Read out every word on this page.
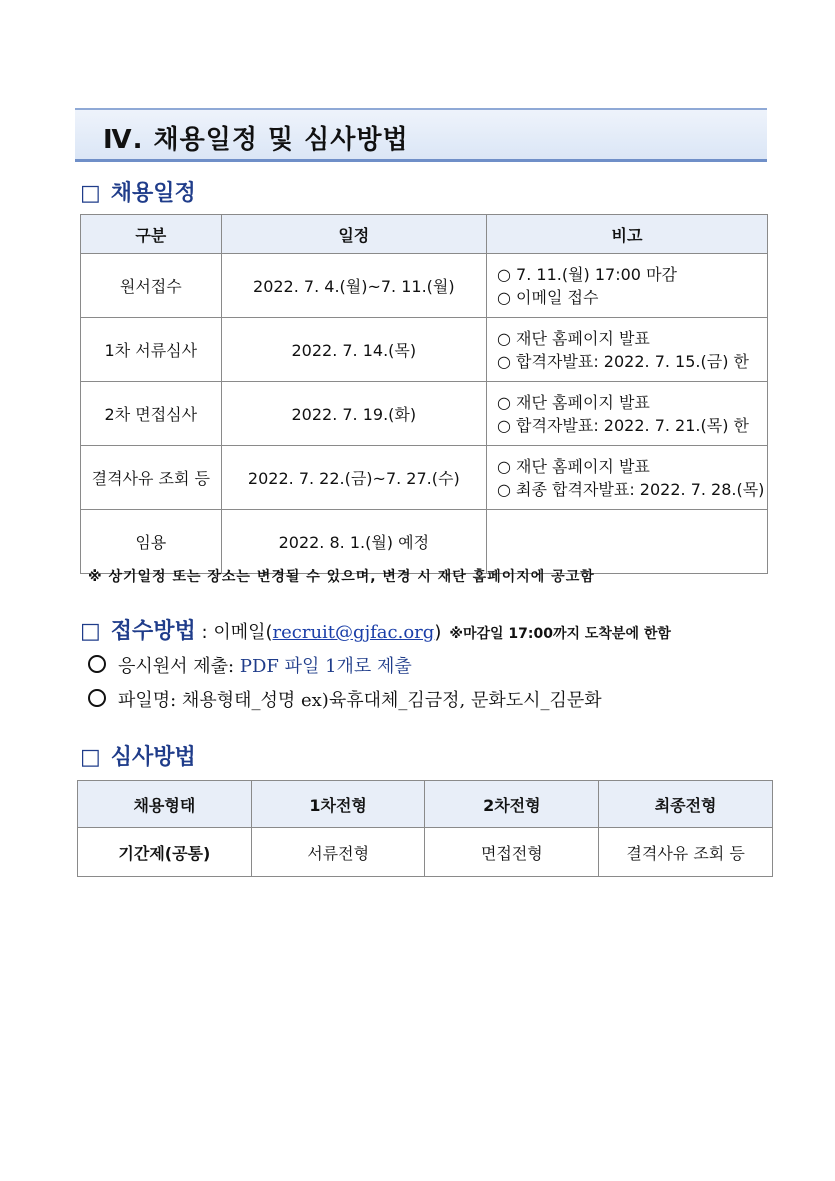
Ⅳ. 채용일정 및 심사방법
□ 채용일정
구분	일정	비고
원서접수	2022. 7. 4.(월)~7. 11.(월)	○ 7. 11.(월) 17:00 마감
○ 이메일 접수

1차 서류심사	2022. 7. 14.(목)	○ 재단 홈페이지 발표
○ 합격자발표: 2022. 7. 15.(금) 한

2차 면접심사	2022. 7. 19.(화)	○ 재단 홈페이지 발표
○ 합격자발표: 2022. 7. 21.(목) 한

결격사유 조회 등	2022. 7. 22.(금)~7. 27.(수)	○ 재단 홈페이지 발표
○ 최종 합격자발표: 2022. 7. 28.(목)

임용	2022. 8. 1.(월) 예정	
※ 상기일정 또는 장소는 변경될 수 있으며, 변경 시 재단 홈페이지에 공고함
□ 접수방법 : 이메일(recruit@gjfac.org) ※마감일 17:00까지 도착분에 한함
응시원서 제출: PDF 파일 1개로 제출
파일명: 채용형태_성명 ex)육휴대체_김금정, 문화도시_김문화
□ 심사방법
채용형태	1차전형	2차전형	최종전형
기간제(공통)	서류전형	면접전형	결격사유 조회 등
